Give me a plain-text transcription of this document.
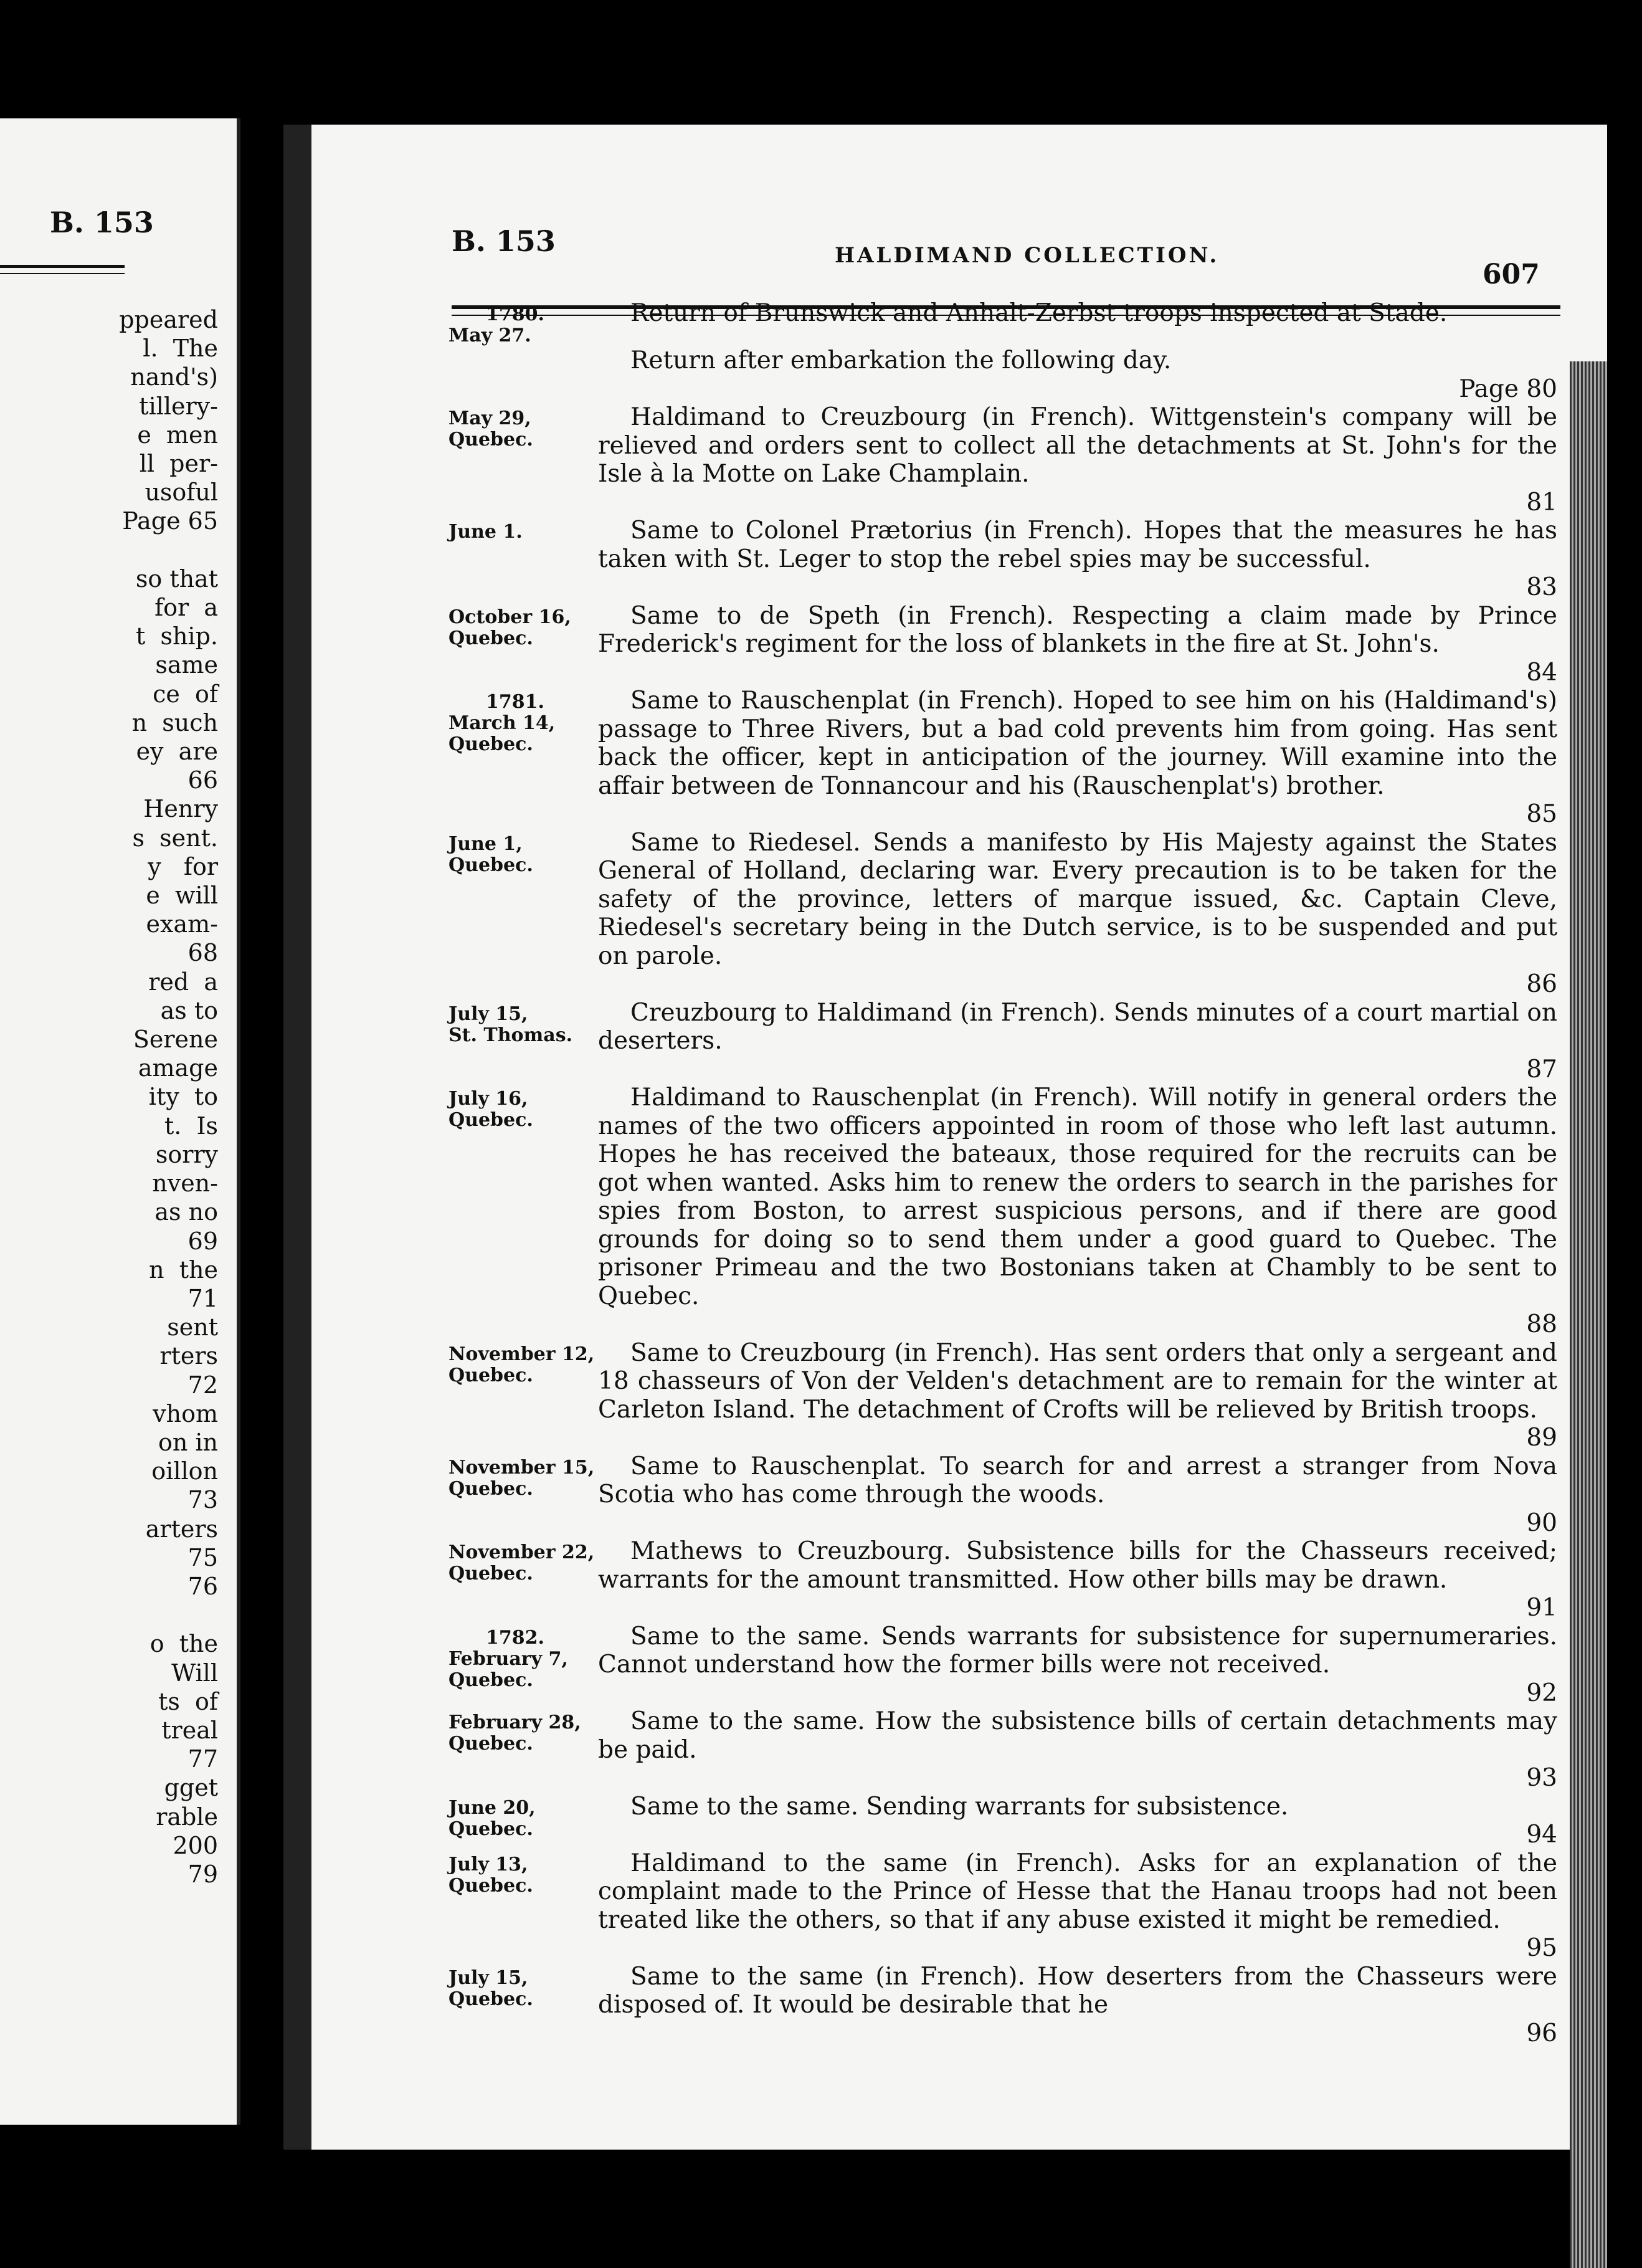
B. 153
ppeared
l.  The
nand's)
tillery-
e  men
ll  per-
usoful
Page 65

so that
for  a
t  ship.
same
ce  of
n  such
ey  are
66
Henry
s  sent.
y   for
e  will
exam-
68
red  a
as to
Serene
amage
ity  to
t.  Is
sorry
nven-
as no
69
n  the
71
sent
rters
72
vhom
on in
oillon
73
arters
75
76

o  the
Will
ts  of
treal
77
gget
rable
200
79
B. 153	HALDIMAND COLLECTION.
607
1780.
May 27.
Return of Brunswick and Anhalt-Zerbst troops inspected at Stade.
Return after embarkation the following day.
Page 80
May 29,
Quebec.
Haldimand to Creuzbourg (in French). Wittgenstein's company will be relieved and orders sent to collect all the detachments at St. John's for the Isle à la Motte on Lake Champlain.
81
June 1.	Same to Colonel Prætorius (in French). Hopes that the measures he has taken with St. Leger to stop the rebel spies may be successful.
83
October 16,
Quebec.
Same to de Speth (in French). Respecting a claim made by Prince Frederick's regiment for the loss of blankets in the fire at St. John's.
84
1781.
March 14,
Quebec.
Same to Rauschenplat (in French). Hoped to see him on his (Haldimand's) passage to Three Rivers, but a bad cold prevents him from going. Has sent back the officer, kept in anticipation of the journey. Will examine into the affair between de Tonnancour and his (Rauschenplat's) brother.
85
June 1,
Quebec.
Same to Riedesel. Sends a manifesto by His Majesty against the States General of Holland, declaring war. Every precaution is to be taken for the safety of the province, letters of marque issued, &c. Captain Cleve, Riedesel's secretary being in the Dutch service, is to be suspended and put on parole.
86
July 15,
St. Thomas.
Creuzbourg to Haldimand (in French). Sends minutes of a court martial on deserters.
87
July 16,
Quebec.
Haldimand to Rauschenplat (in French). Will notify in general orders the names of the two officers appointed in room of those who left last autumn. Hopes he has received the bateaux, those required for the recruits can be got when wanted. Asks him to renew the orders to search in the parishes for spies from Boston, to arrest suspicious persons, and if there are good grounds for doing so to send them under a good guard to Quebec. The prisoner Primeau and the two Bostonians taken at Chambly to be sent to Quebec.
88
November 12,
Quebec.
Same to Creuzbourg (in French). Has sent orders that only a sergeant and 18 chasseurs of Von der Velden's detachment are to remain for the winter at Carleton Island. The detachment of Crofts will be relieved by British troops.
89
November 15,
Quebec.
Same to Rauschenplat. To search for and arrest a stranger from Nova Scotia who has come through the woods.
90
November 22,
Quebec.
Mathews to Creuzbourg. Subsistence bills for the Chasseurs received; warrants for the amount transmitted. How other bills may be drawn.
91
1782.
February 7,
Quebec.
Same to the same. Sends warrants for subsistence for supernumeraries. Cannot understand how the former bills were not received.
92
February 28,
Quebec.
Same to the same. How the subsistence bills of certain detachments may be paid.
93
June 20,
Quebec.
Same to the same. Sending warrants for subsistence.
94
July 13,
Quebec.
Haldimand to the same (in French). Asks for an explanation of the complaint made to the Prince of Hesse that the Hanau troops had not been treated like the others, so that if any abuse existed it might be remedied.
95
July 15,
Quebec.
Same to the same (in French). How deserters from the Chasseurs were disposed of. It would be desirable that he
96
